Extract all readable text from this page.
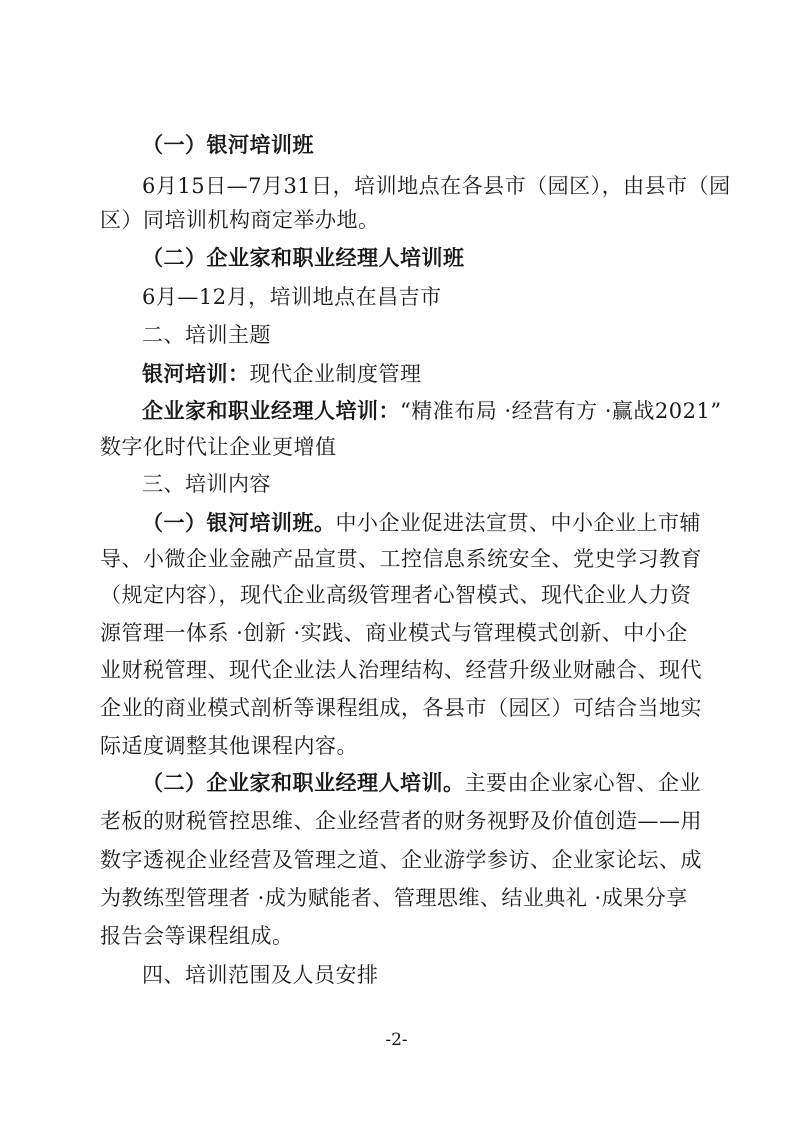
（一）银河培训班
6月15日—7月31日，培训地点在各县市（园区），由县市（园
区）同培训机构商定举办地。
（二）企业家和职业经理人培训班
6月—12月，培训地点在昌吉市
二、培训主题
银河培训：现代企业制度管理
企业家和职业经理人培训：“精准布局 ·经营有方 ·赢战2021”
数字化时代让企业更增值
三、培训内容
（一）银河培训班。中小企业促进法宣贯、中小企业上市辅
导、小微企业金融产品宣贯、工控信息系统安全、党史学习教育
（规定内容），现代企业高级管理者心智模式、现代企业人力资
源管理一体系 ·创新 ·实践、商业模式与管理模式创新、中小企
业财税管理、现代企业法人治理结构、经营升级业财融合、现代
企业的商业模式剖析等课程组成，各县市（园区）可结合当地实
际适度调整其他课程内容。
（二）企业家和职业经理人培训。主要由企业家心智、企业
老板的财税管控思维、企业经营者的财务视野及价值创造——用
数字透视企业经营及管理之道、企业游学参访、企业家论坛、成
为教练型管理者 ·成为赋能者、管理思维、结业典礼 ·成果分享
报告会等课程组成。
四、培训范围及人员安排
-2-
